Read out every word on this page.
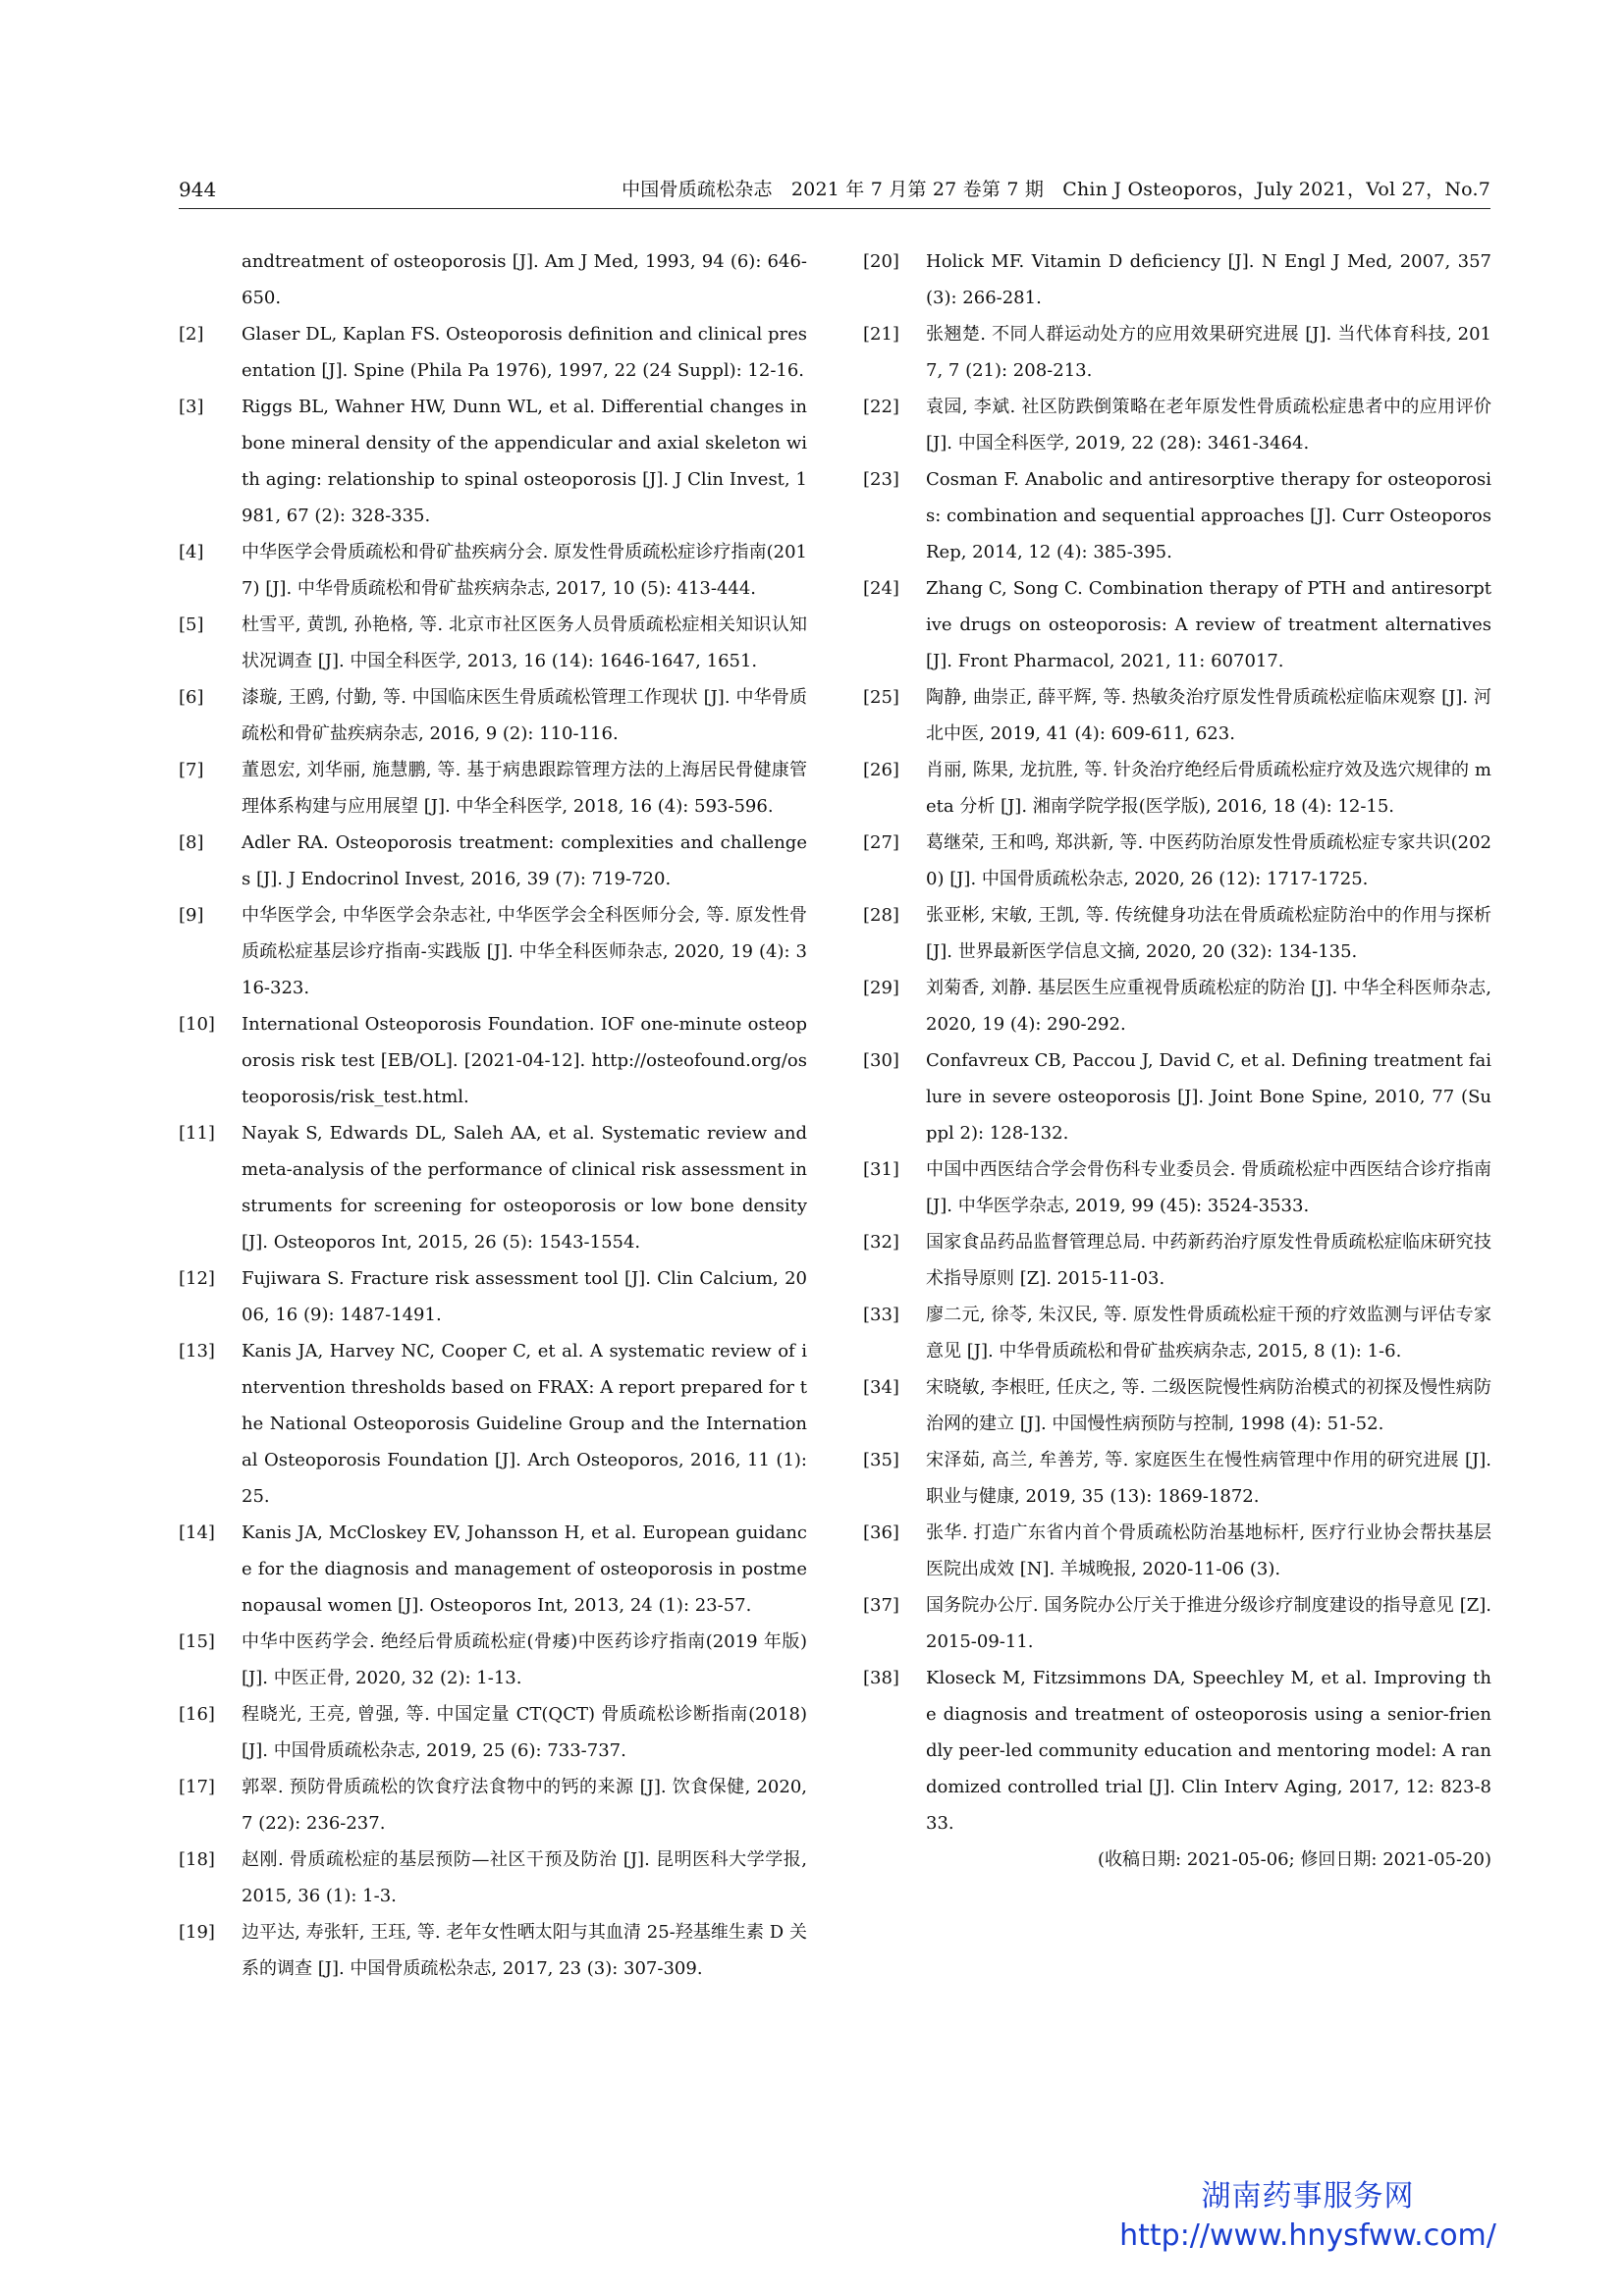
944	中国骨质疏松杂志　2021 年 7 月第 27 卷第 7 期　Chin J Osteoporos，July 2021，Vol 27，No.7
andtreatment of osteoporosis [J]. Am J Med, 1993, 94 (6): 646-650.
[2] Glaser DL, Kaplan FS. Osteoporosis definition and clinical presentation [J]. Spine (Phila Pa 1976), 1997, 22 (24 Suppl): 12-16.
[3] Riggs BL, Wahner HW, Dunn WL, et al. Differential changes in bone mineral density of the appendicular and axial skeleton with aging: relationship to spinal osteoporosis [J]. J Clin Invest, 1981, 67 (2): 328-335.
[4] 中华医学会骨质疏松和骨矿盐疾病分会. 原发性骨质疏松症诊疗指南(2017) [J]. 中华骨质疏松和骨矿盐疾病杂志, 2017, 10 (5): 413-444.
[5] 杜雪平, 黄凯, 孙艳格, 等. 北京市社区医务人员骨质疏松症相关知识认知状况调查 [J]. 中国全科医学, 2013, 16 (14): 1646-1647, 1651.
[6] 漆璇, 王鸥, 付勤, 等. 中国临床医生骨质疏松管理工作现状 [J]. 中华骨质疏松和骨矿盐疾病杂志, 2016, 9 (2): 110-116.
[7] 董恩宏, 刘华丽, 施慧鹏, 等. 基于病患跟踪管理方法的上海居民骨健康管理体系构建与应用展望 [J]. 中华全科医学, 2018, 16 (4): 593-596.
[8] Adler RA. Osteoporosis treatment: complexities and challenges [J]. J Endocrinol Invest, 2016, 39 (7): 719-720.
[9] 中华医学会, 中华医学会杂志社, 中华医学会全科医师分会, 等. 原发性骨质疏松症基层诊疗指南-实践版 [J]. 中华全科医师杂志, 2020, 19 (4): 316-323.
[10] International Osteoporosis Foundation. IOF one-minute osteoporosis risk test [EB/OL]. [2021-04-12]. http://osteofound.org/osteoporosis/risk_test.html.
[11] Nayak S, Edwards DL, Saleh AA, et al. Systematic review and meta-analysis of the performance of clinical risk assessment instruments for screening for osteoporosis or low bone density [J]. Osteoporos Int, 2015, 26 (5): 1543-1554.
[12] Fujiwara S. Fracture risk assessment tool [J]. Clin Calcium, 2006, 16 (9): 1487-1491.
[13] Kanis JA, Harvey NC, Cooper C, et al. A systematic review of intervention thresholds based on FRAX: A report prepared for the National Osteoporosis Guideline Group and the International Osteoporosis Foundation [J]. Arch Osteoporos, 2016, 11 (1): 25.
[14] Kanis JA, McCloskey EV, Johansson H, et al. European guidance for the diagnosis and management of osteoporosis in postmenopausal women [J]. Osteoporos Int, 2013, 24 (1): 23-57.
[15] 中华中医药学会. 绝经后骨质疏松症(骨痿)中医药诊疗指南(2019 年版) [J]. 中医正骨, 2020, 32 (2): 1-13.
[16] 程晓光, 王亮, 曾强, 等. 中国定量 CT(QCT) 骨质疏松诊断指南(2018) [J]. 中国骨质疏松杂志, 2019, 25 (6): 733-737.
[17] 郭翠. 预防骨质疏松的饮食疗法食物中的钙的来源 [J]. 饮食保健, 2020, 7 (22): 236-237.
[18] 赵刚. 骨质疏松症的基层预防—社区干预及防治 [J]. 昆明医科大学学报, 2015, 36 (1): 1-3.
[19] 边平达, 寿张轩, 王珏, 等. 老年女性晒太阳与其血清 25-羟基维生素 D 关系的调查 [J]. 中国骨质疏松杂志, 2017, 23 (3): 307-309.
[20] Holick MF. Vitamin D deficiency [J]. N Engl J Med, 2007, 357 (3): 266-281.
[21] 张翘楚. 不同人群运动处方的应用效果研究进展 [J]. 当代体育科技, 2017, 7 (21): 208-213.
[22] 袁园, 李斌. 社区防跌倒策略在老年原发性骨质疏松症患者中的应用评价 [J]. 中国全科医学, 2019, 22 (28): 3461-3464.
[23] Cosman F. Anabolic and antiresorptive therapy for osteoporosis: combination and sequential approaches [J]. Curr Osteoporos Rep, 2014, 12 (4): 385-395.
[24] Zhang C, Song C. Combination therapy of PTH and antiresorptive drugs on osteoporosis: A review of treatment alternatives [J]. Front Pharmacol, 2021, 11: 607017.
[25] 陶静, 曲崇正, 薛平辉, 等. 热敏灸治疗原发性骨质疏松症临床观察 [J]. 河北中医, 2019, 41 (4): 609-611, 623.
[26] 肖丽, 陈果, 龙抗胜, 等. 针灸治疗绝经后骨质疏松症疗效及选穴规律的 meta 分析 [J]. 湘南学院学报(医学版), 2016, 18 (4): 12-15.
[27] 葛继荣, 王和鸣, 郑洪新, 等. 中医药防治原发性骨质疏松症专家共识(2020) [J]. 中国骨质疏松杂志, 2020, 26 (12): 1717-1725.
[28] 张亚彬, 宋敏, 王凯, 等. 传统健身功法在骨质疏松症防治中的作用与探析 [J]. 世界最新医学信息文摘, 2020, 20 (32): 134-135.
[29] 刘菊香, 刘静. 基层医生应重视骨质疏松症的防治 [J]. 中华全科医师杂志, 2020, 19 (4): 290-292.
[30] Confavreux CB, Paccou J, David C, et al. Defining treatment failure in severe osteoporosis [J]. Joint Bone Spine, 2010, 77 (Suppl 2): 128-132.
[31] 中国中西医结合学会骨伤科专业委员会. 骨质疏松症中西医结合诊疗指南 [J]. 中华医学杂志, 2019, 99 (45): 3524-3533.
[32] 国家食品药品监督管理总局. 中药新药治疗原发性骨质疏松症临床研究技术指导原则 [Z]. 2015-11-03.
[33] 廖二元, 徐苓, 朱汉民, 等. 原发性骨质疏松症干预的疗效监测与评估专家意见 [J]. 中华骨质疏松和骨矿盐疾病杂志, 2015, 8 (1): 1-6.
[34] 宋晓敏, 李根旺, 任庆之, 等. 二级医院慢性病防治模式的初探及慢性病防治网的建立 [J]. 中国慢性病预防与控制, 1998 (4): 51-52.
[35] 宋泽茹, 高兰, 牟善芳, 等. 家庭医生在慢性病管理中作用的研究进展 [J]. 职业与健康, 2019, 35 (13): 1869-1872.
[36] 张华. 打造广东省内首个骨质疏松防治基地标杆, 医疗行业协会帮扶基层医院出成效 [N]. 羊城晚报, 2020-11-06 (3).
[37] 国务院办公厅. 国务院办公厅关于推进分级诊疗制度建设的指导意见 [Z]. 2015-09-11.
[38] Kloseck M, Fitzsimmons DA, Speechley M, et al. Improving the diagnosis and treatment of osteoporosis using a senior-friendly peer-led community education and mentoring model: A randomized controlled trial [J]. Clin Interv Aging, 2017, 12: 823-833.
(收稿日期: 2021-05-06; 修回日期: 2021-05-20)
湖南药事服务网
http://www.hnysfww.com/
